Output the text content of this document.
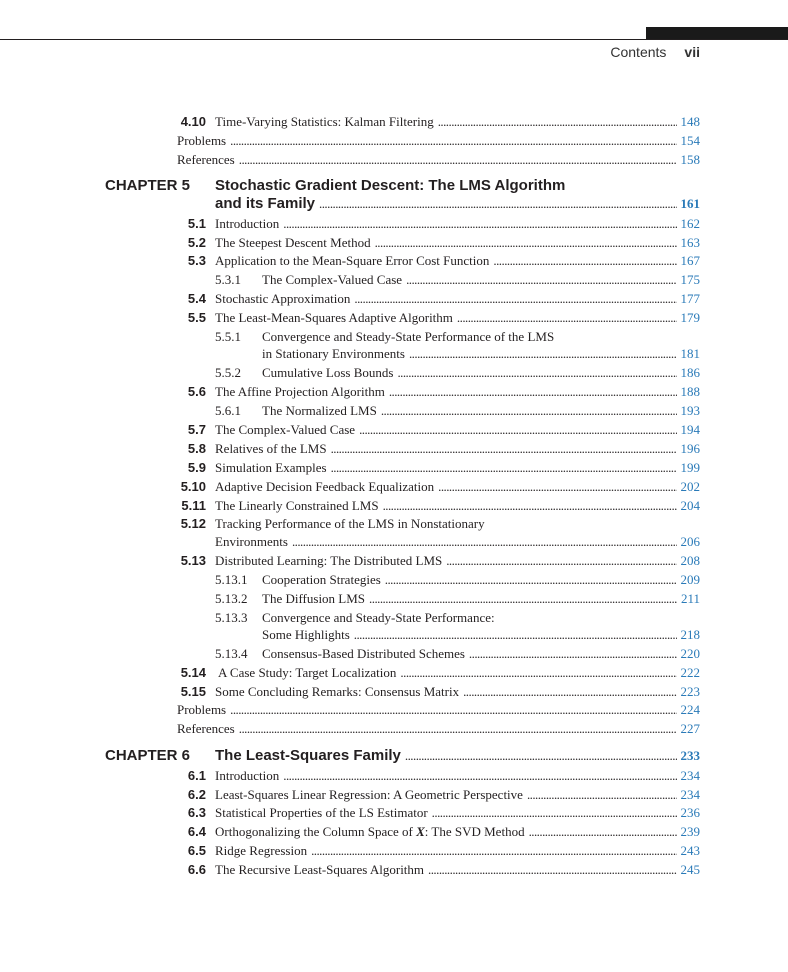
Contents vii
4.10 Time-Varying Statistics: Kalman Filtering . . .	148
Problems . . .	154
References . . .	158
CHAPTER 5 Stochastic Gradient Descent: The LMS Algorithm
and its Family . . .	161
5.1 Introduction . . .	162
5.2 The Steepest Descent Method . . .	163
5.3 Application to the Mean-Square Error Cost Function . . .	167
5.3.1 The Complex-Valued Case . . .	175
5.4 Stochastic Approximation . . .	177
5.5 The Least-Mean-Squares Adaptive Algorithm . . .	179
5.5.1 Convergence and Steady-State Performance of the LMS
in Stationary Environments . . .	181
5.5.2 Cumulative Loss Bounds . . .	186
5.6 The Affine Projection Algorithm . . .	188
5.6.1 The Normalized LMS . . .	193
5.7 The Complex-Valued Case . . .	194
5.8 Relatives of the LMS . . .	196
5.9 Simulation Examples . . .	199
5.10 Adaptive Decision Feedback Equalization . . .	202
5.11 The Linearly Constrained LMS . . .	204
5.12 Tracking Performance of the LMS in Nonstationary
Environments . . .	206
5.13 Distributed Learning: The Distributed LMS . . .	208
5.13.1 Cooperation Strategies . . .	209
5.13.2 The Diffusion LMS . . .	211
5.13.3 Convergence and Steady-State Performance:
Some Highlights . . .	218
5.13.4 Consensus-Based Distributed Schemes . . .	220
5.14 A Case Study: Target Localization . . .	222
5.15 Some Concluding Remarks: Consensus Matrix . . .	223
Problems . . .	224
References . . .	227
CHAPTER 6 The Least-Squares Family . . .	233
6.1 Introduction . . .	234
6.2 Least-Squares Linear Regression: A Geometric Perspective . . .	234
6.3 Statistical Properties of the LS Estimator . . .	236
6.4 Orthogonalizing the Column Space of X: The SVD Method . . .	239
6.5 Ridge Regression . . .	243
6.6 The Recursive Least-Squares Algorithm . . .	245
